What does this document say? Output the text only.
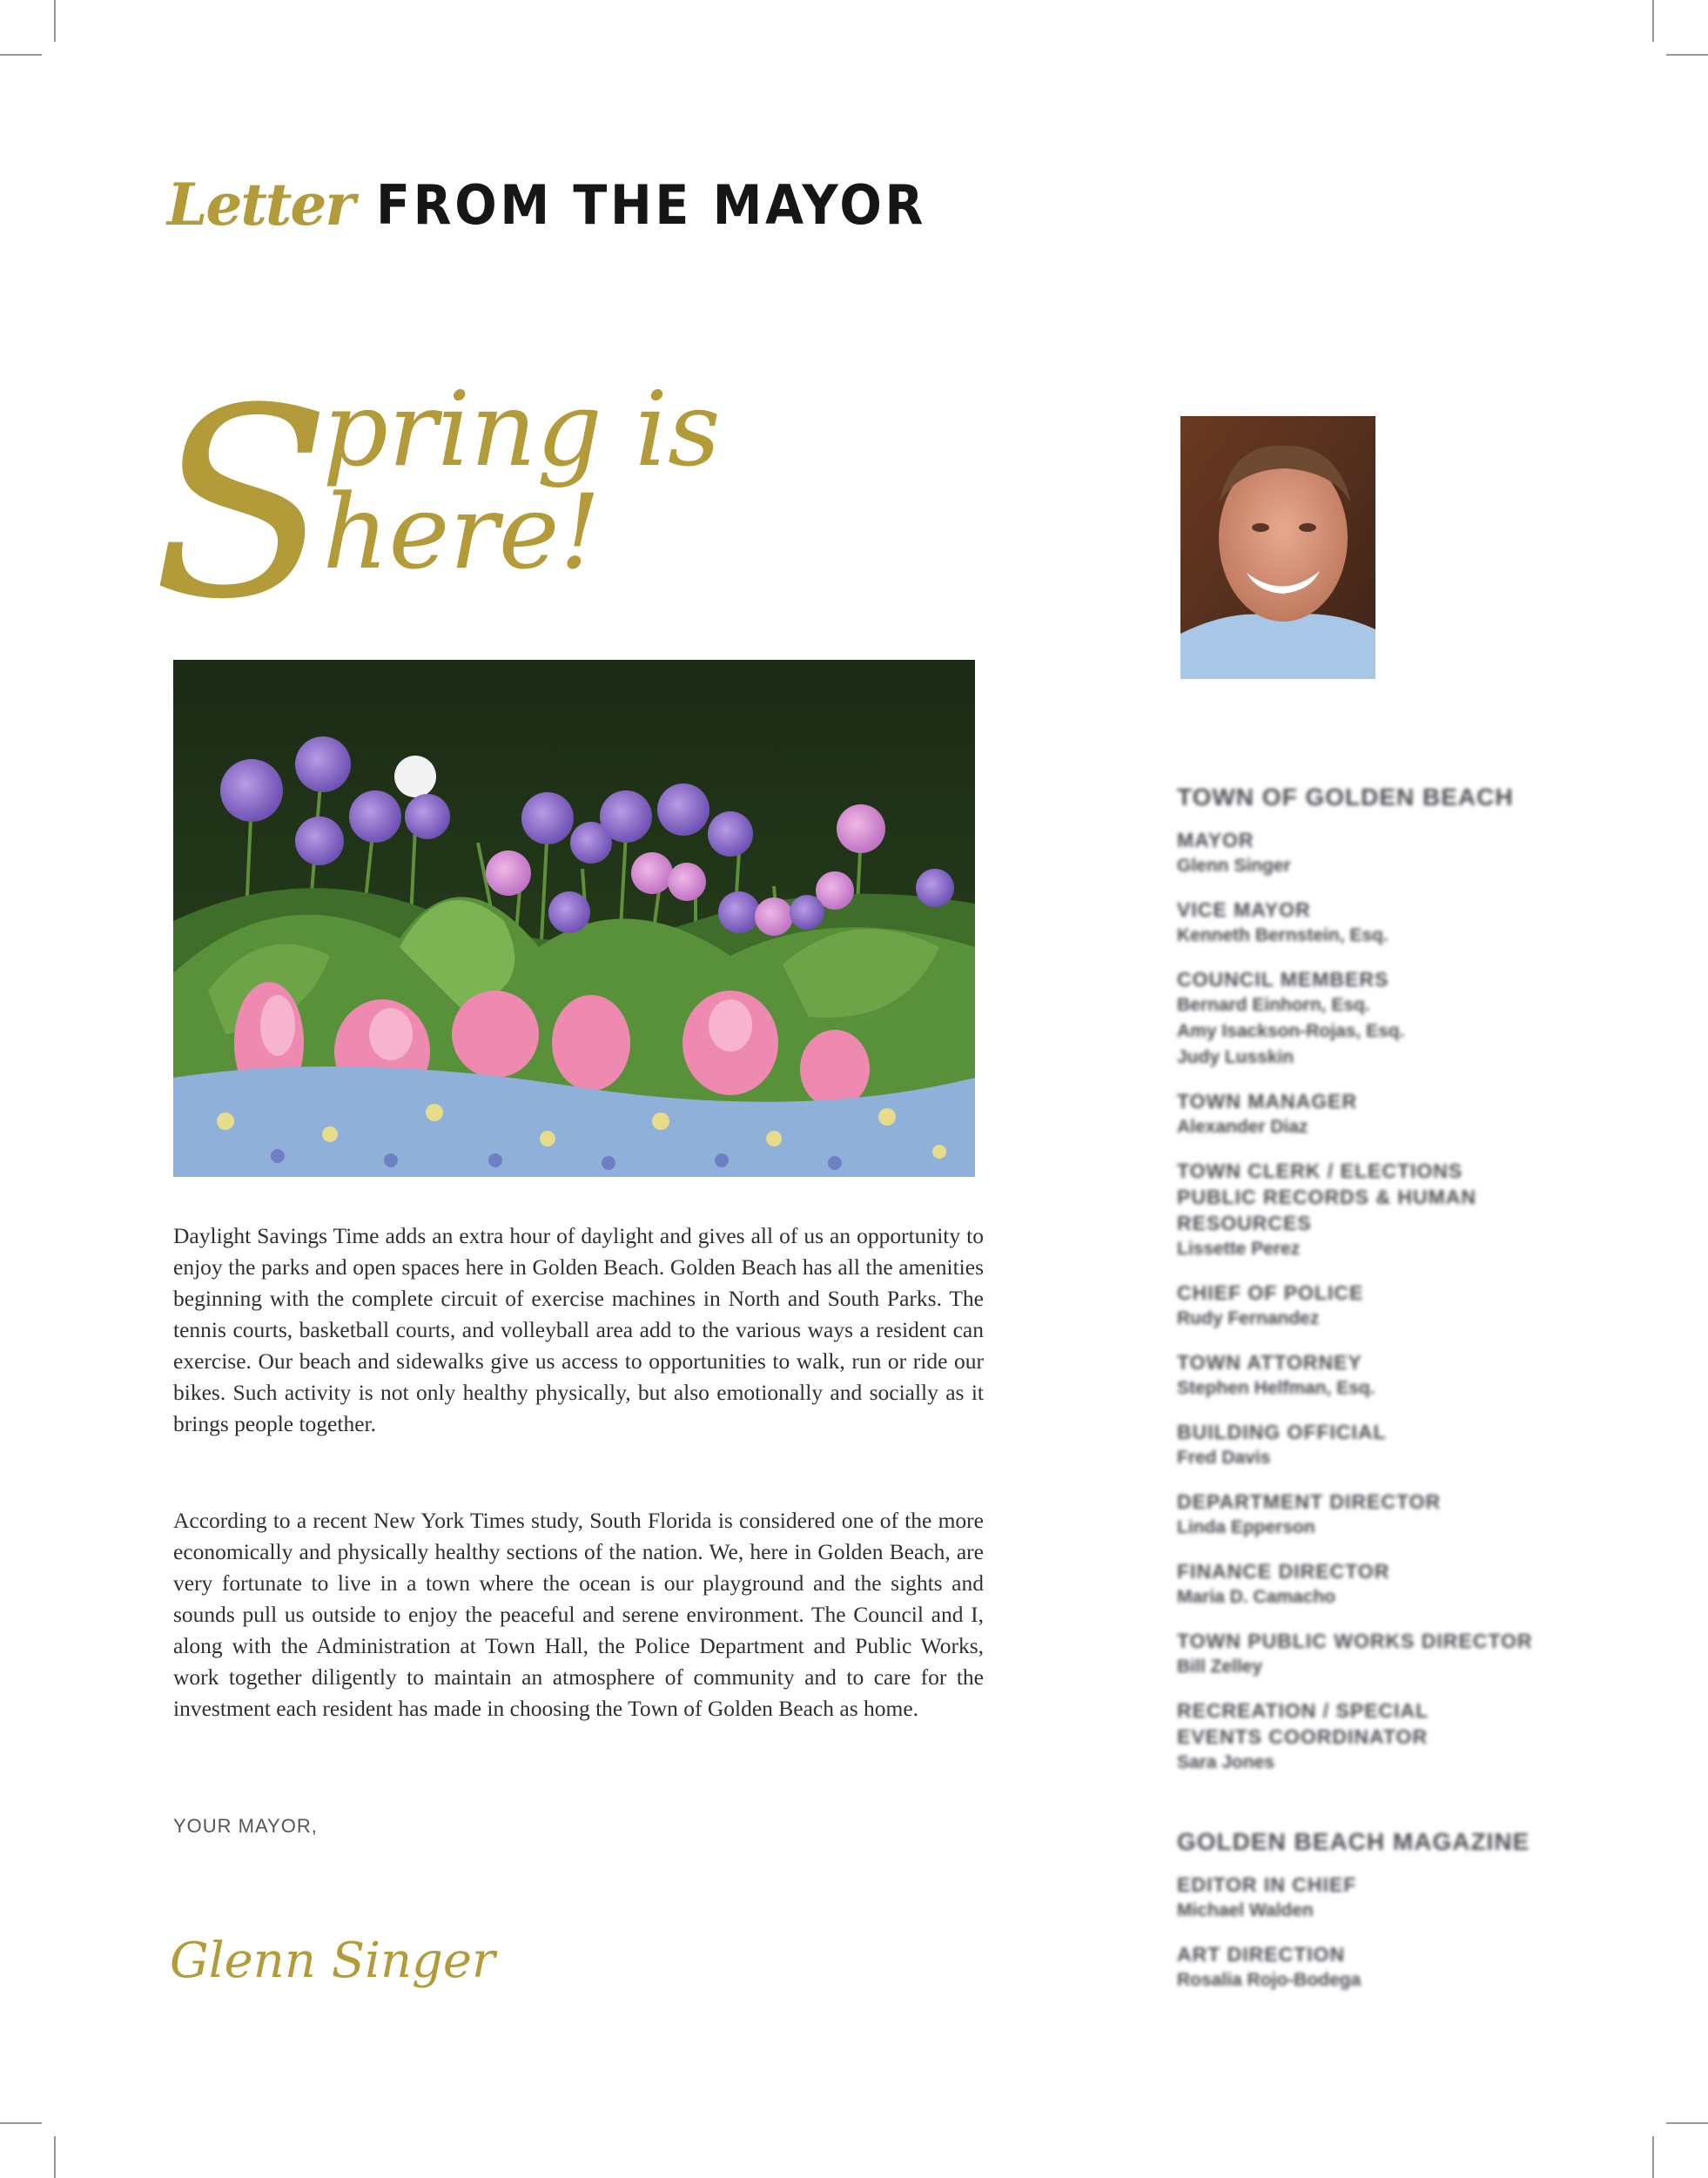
Letter FROM THE MAYOR
S
pring is here!

Daylight Savings Time adds an extra hour of daylight and gives all of us an opportunity to enjoy the parks and open spaces here in Golden Beach. Golden Beach has all the amenities beginning with the complete circuit of exercise machines in North and South Parks. The tennis courts, basketball courts, and volleyball area add to the various ways a resident can exercise. Our beach and sidewalks give us access to opportunities to walk, run or ride our bikes. Such activity is not only healthy physically, but also emotionally and socially as it brings people together.

According to a recent New York Times study, South Florida is considered one of the more economically and physically healthy sections of the nation. We, here in Golden Beach, are very fortunate to live in a town where the ocean is our playground and the sights and sounds pull us outside to enjoy the peaceful and serene environment. The Council and I, along with the Administration at Town Hall, the Police Department and Public Works, work together diligently to maintain an atmosphere of community and to care for the investment each resident has made in choosing the Town of Golden Beach as home.

YOUR MAYOR,
Glenn Singer
TOWN OF GOLDEN BEACH
MAYOR
Glenn Singer
VICE MAYOR
Kenneth Bernstein, Esq.
COUNCIL MEMBERS
Bernard Einhorn, Esq.
Amy Isackson-Rojas, Esq.
Judy Lusskin
TOWN MANAGER
Alexander Diaz
TOWN CLERK / ELECTIONS
PUBLIC RECORDS & HUMAN RESOURCES
Lissette Perez
CHIEF OF POLICE
Rudy Fernandez
TOWN ATTORNEY
Stephen Helfman, Esq.
BUILDING OFFICIAL
Fred Davis
DEPARTMENT DIRECTOR
Linda Epperson
FINANCE DIRECTOR
Maria D. Camacho
TOWN PUBLIC WORKS DIRECTOR
Bill Zelley
RECREATION / SPECIAL
EVENTS COORDINATOR
Sara Jones
GOLDEN BEACH MAGAZINE
EDITOR IN CHIEF
Michael Walden
ART DIRECTION
Rosalia Rojo-Bodega
